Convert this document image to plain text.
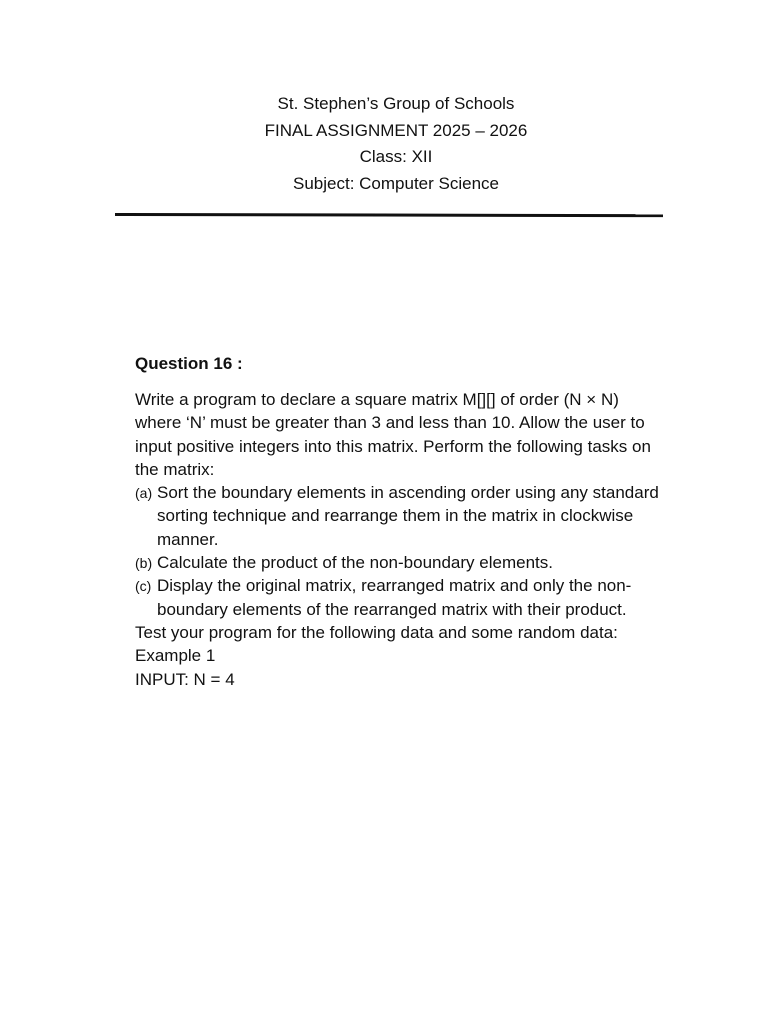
St. Stephen’s Group of Schools
FINAL ASSIGNMENT 2025 – 2026
Class: XII
Subject: Computer Science
Question 16 :
Write a program to declare a square matrix M[][] of order (N × N)
where ‘N’ must be greater than 3 and less than 10. Allow the user to
input positive integers into this matrix. Perform the following tasks on
the matrix:
(a) Sort the boundary elements in ascending order using any standard
sorting technique and rearrange them in the matrix in clockwise
manner.
(b) Calculate the product of the non-boundary elements.
(c) Display the original matrix, rearranged matrix and only the non-
boundary elements of the rearranged matrix with their product.
Test your program for the following data and some random data:
Example 1
INPUT: N = 4
